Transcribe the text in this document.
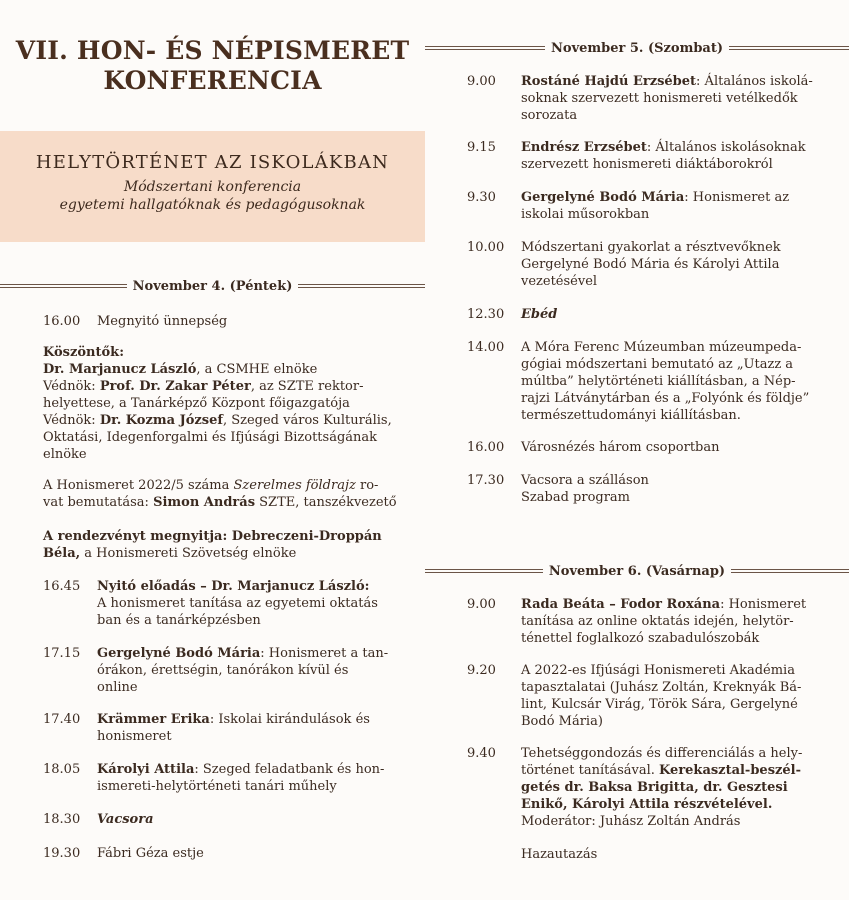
VII. HON- ÉS NÉPISMERET
KONFERENCIA
HELYTÖRTÉNET AZ ISKOLÁKBAN
Módszertani konferencia
egyetemi hallgatóknak és pedagógusoknak
November 4. (Péntek)
16.00 Megnyitó ünnepség
Köszöntők:
Dr. Marjanucz László, a CSMHE elnöke
Védnök: Prof. Dr. Zakar Péter, az SZTE rektor-
helyettese, a Tanárképző Központ főigazgatója
Védnök: Dr. Kozma József, Szeged város Kulturális,
Oktatási, Idegenforgalmi és Ifjúsági Bizottságának
elnöke
A Honismeret 2022/5 száma Szerelmes földrajz ro-
vat bemutatása: Simon András SZTE, tanszékvezető
A rendezvényt megnyitja: Debreczeni-Droppán
Béla, a Honismereti Szövetség elnöke
16.45 Nyitó előadás – Dr. Marjanucz László:
A honismeret tanítása az egyetemi oktatás
ban és a tanárképzésben
17.15 Gergelyné Bodó Mária: Honismeret a tan-
órákon, érettségin, tanórákon kívül és
online
17.40 Krämmer Erika: Iskolai kirándulások és
honismeret
18.05 Károlyi Attila: Szeged feladatbank és hon-
ismereti-helytörténeti tanári műhely
18.30 Vacsora
19.30 Fábri Géza estje
November 5. (Szombat)
9.00 Rostáné Hajdú Erzsébet: Általános iskolá-
soknak szervezett honismereti vetélkedők
sorozata
9.15 Endrész Erzsébet: Általános iskolásoknak
szervezett honismereti diáktáborokról
9.30 Gergelyné Bodó Mária: Honismeret az
iskolai műsorokban
10.00 Módszertani gyakorlat a résztvevőknek
Gergelyné Bodó Mária és Károlyi Attila
vezetésével
12.30 Ebéd
14.00 A Móra Ferenc Múzeumban múzeumpeda-
gógiai módszertani bemutató az „Utazz a
múltba” helytörténeti kiállításban, a Nép-
rajzi Látványtárban és a „Folyónk és földje”
természettudományi kiállításban.
16.00 Városnézés három csoportban
17.30 Vacsora a szálláson
Szabad program
November 6. (Vasárnap)
9.00 Rada Beáta – Fodor Roxána: Honismeret
tanítása az online oktatás idején, helytör-
ténettel foglalkozó szabadulószobák
9.20 A 2022-es Ifjúsági Honismereti Akadémia
tapasztalatai (Juhász Zoltán, Kreknyák Bá-
lint, Kulcsár Virág, Török Sára, Gergelyné
Bodó Mária)
9.40 Tehetséggondozás és differenciálás a hely-
történet tanításával. Kerekasztal-beszél-
getés dr. Baksa Brigitta, dr. Gesztesi
Enikő, Károlyi Attila részvételével.
Moderátor: Juhász Zoltán András
Hazautazás
